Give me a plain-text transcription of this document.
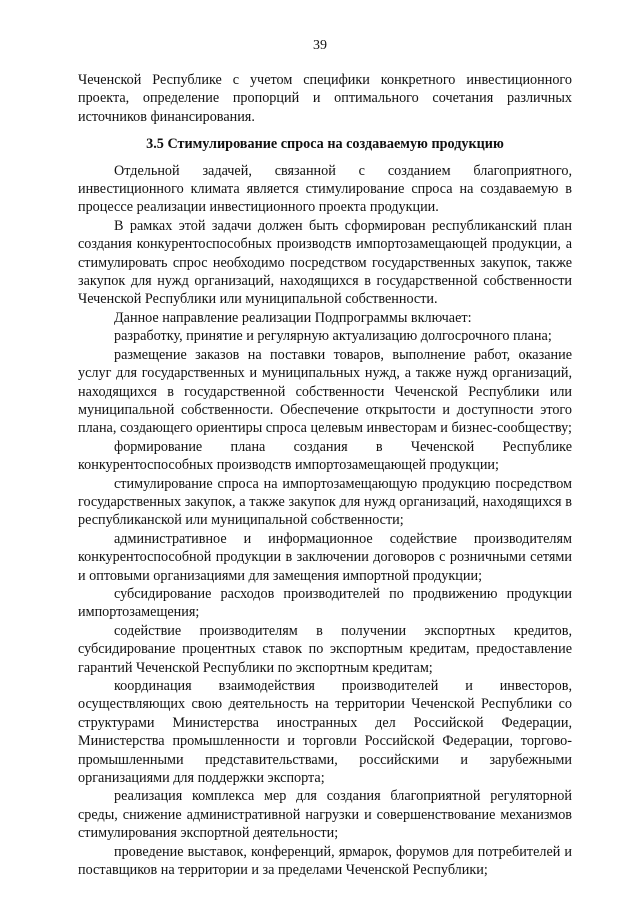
39

Чеченской Республике с учетом специфики конкретного инвестиционного проекта, определение пропорций и оптимального сочетания различных источников финансирования.

3.5 Стимулирование спроса на создаваемую продукцию

Отдельной задачей, связанной с созданием благоприятного, инвестиционного климата является стимулирование спроса на создаваемую в процессе реализации инвестиционного проекта продукции.

В рамках этой задачи должен быть сформирован республиканский план создания конкурентоспособных производств импортозамещающей продукции, а стимулировать спрос необходимо посредством государственных закупок, также закупок для нужд организаций, находящихся в государственной собственности Чеченской Республики или муниципальной собственности.

Данное направление реализации Подпрограммы включает:

разработку, принятие и регулярную актуализацию долгосрочного плана;

размещение заказов на поставки товаров, выполнение работ, оказание услуг для государственных и муниципальных нужд, а также нужд организаций, находящихся в государственной собственности Чеченской Республики или муниципальной собственности. Обеспечение открытости и доступности этого плана, создающего ориентиры спроса целевым инвесторам и бизнес-сообществу;

формирование плана создания в Чеченской Республике конкурентоспособных производств импортозамещающей продукции;

стимулирование спроса на импортозамещающую продукцию посредством государственных закупок, а также закупок для нужд организаций, находящихся в республиканской или муниципальной собственности;

административное и информационное содействие производителям конкурентоспособной продукции в заключении договоров с розничными сетями и оптовыми организациями для замещения импортной продукции;

субсидирование расходов производителей по продвижению продукции импортозамещения;

содействие производителям в получении экспортных кредитов, субсидирование процентных ставок по экспортным кредитам, предоставление гарантий Чеченской Республики по экспортным кредитам;

координация взаимодействия производителей и инвесторов, осуществляющих свою деятельность на территории Чеченской Республики со структурами Министерства иностранных дел Российской Федерации, Министерства промышленности и торговли Российской Федерации, торгово-промышленными представительствами, российскими и зарубежными организациями для поддержки экспорта;

реализация комплекса мер для создания благоприятной регуляторной среды, снижение административной нагрузки и совершенствование механизмов стимулирования экспортной деятельности;

проведение выставок, конференций, ярмарок, форумов для потребителей и поставщиков на территории и за пределами Чеченской Республики;
